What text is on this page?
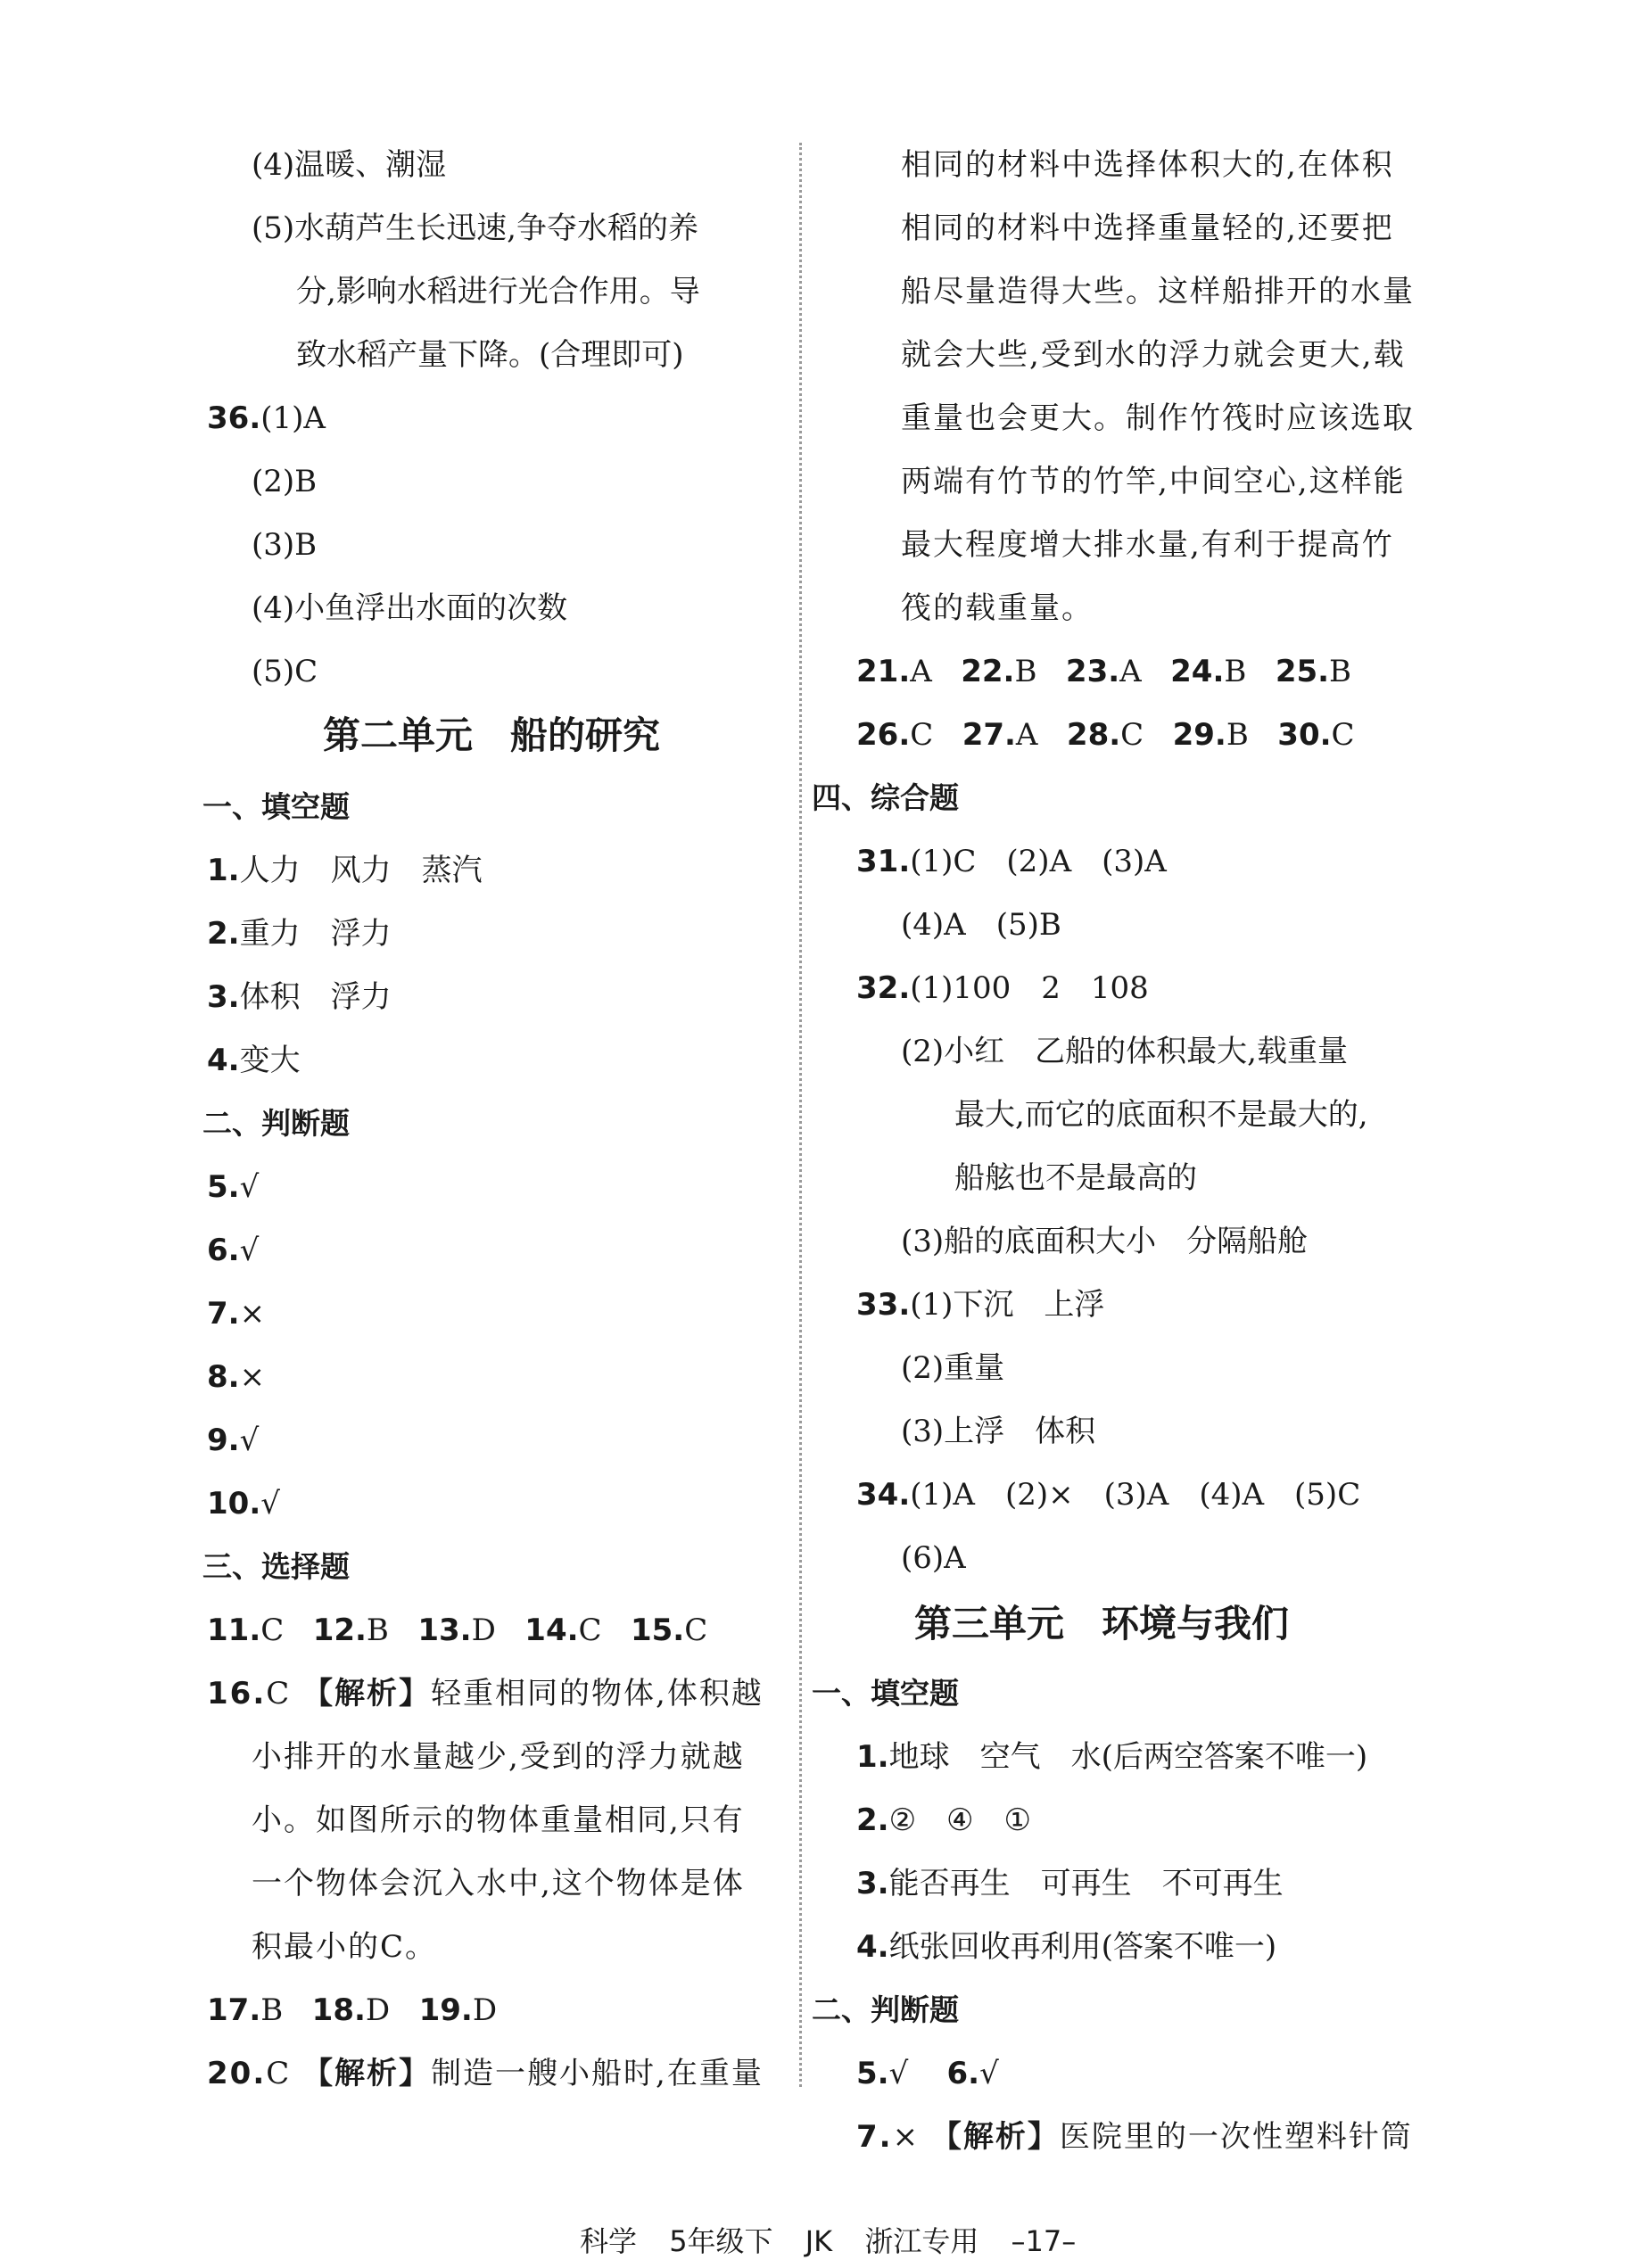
(4)温暖、潮湿
(5)水葫芦生长迅速,争夺水稻的养
分,影响水稻进行光合作用。导
致水稻产量下降。(合理即可)
36.(1)A
(2)B
(3)B
(4)小鱼浮出水面的次数
(5)C
第二单元　船的研究
一、填空题
1.人力　风力　蒸汽
2.重力　浮力
3.体积　浮力
4.变大
二、判断题
5.√
6.√
7.×
8.×
9.√
10.√
三、选择题
11.C 12.B 13.D 14.C 15.C
16.C 【解析】轻重相同的物体,体积越
小排开的水量越少,受到的浮力就越
小。如图所示的物体重量相同,只有
一个物体会沉入水中,这个物体是体
积最小的C。
17.B 18.D 19.D
20.C 【解析】制造一艘小船时,在重量
相同的材料中选择体积大的,在体积
相同的材料中选择重量轻的,还要把
船尽量造得大些。这样船排开的水量
就会大些,受到水的浮力就会更大,载
重量也会更大。制作竹筏时应该选取
两端有竹节的竹竿,中间空心,这样能
最大程度增大排水量,有利于提高竹
筏的载重量。
21.A 22.B 23.A 24.B 25.B
26.C 27.A 28.C 29.B 30.C
四、综合题
31.(1)C　(2)A　(3)A
(4)A　(5)B
32.(1)100　2　108
(2)小红　乙船的体积最大,载重量
最大,而它的底面积不是最大的,
船舷也不是最高的
(3)船的底面积大小　分隔船舱
33.(1)下沉　上浮
(2)重量
(3)上浮　体积
34.(1)A　(2)×　(3)A　(4)A　(5)C
(6)A
第三单元　环境与我们
一、填空题
1.地球　空气　水(后两空答案不唯一)
2.②　④　①
3.能否再生　可再生　不可再生
4.纸张回收再利用(答案不唯一)
二、判断题
5.√ 6.√
7.× 【解析】医院里的一次性塑料针筒
科学 5年级下 JK 浙江专用 –17–
